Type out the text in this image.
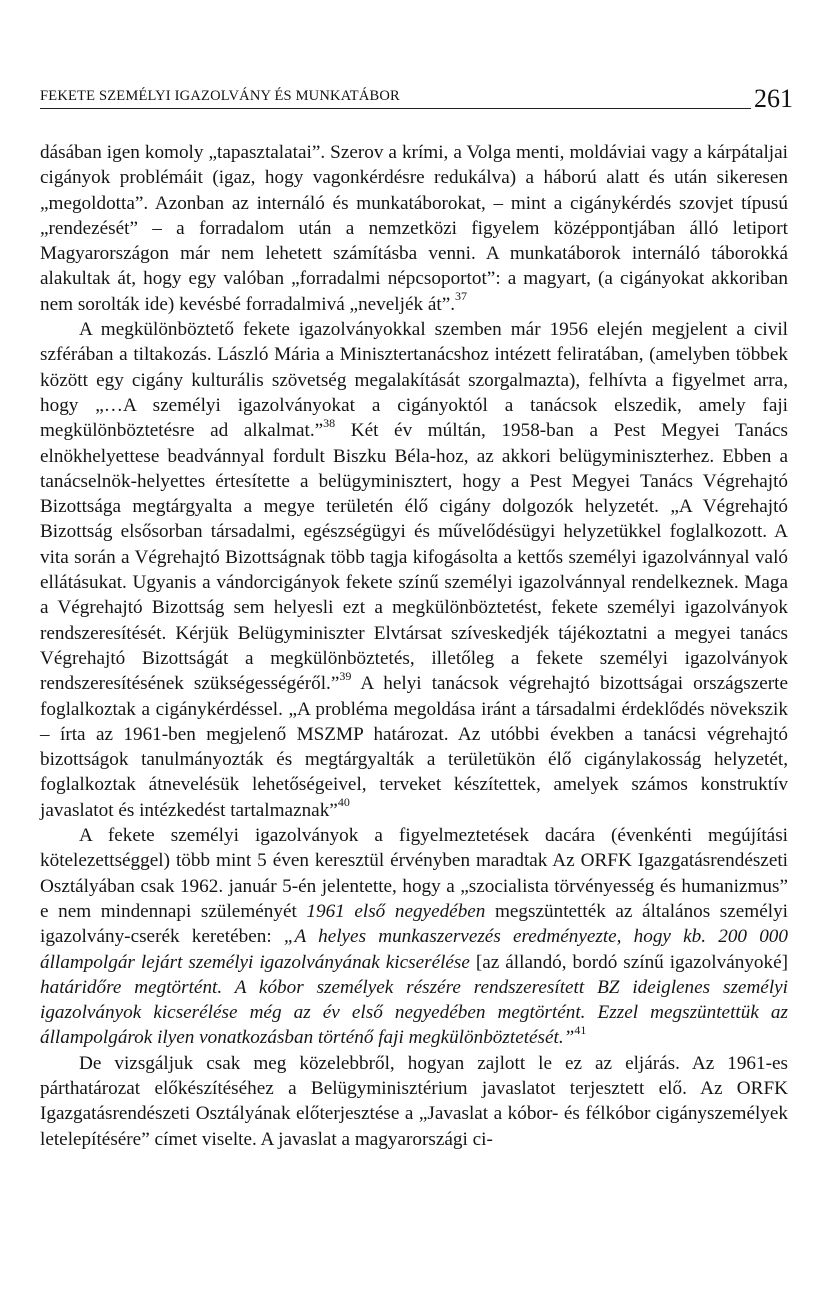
FEKETE SZEMÉLYI IGAZOLVÁNY ÉS MUNKATÁBOR	261

dásában igen komoly „tapasztalatai”. Szerov a krími, a Volga menti, moldáviai vagy a kárpátaljai cigányok problémáit (igaz, hogy vagonkérdésre redukálva) a háború alatt és után sikeresen „megoldotta”. Azonban az internáló és munkatáborokat, – mint a cigánykérdés szovjet típusú „rendezését” – a forradalom után a nemzetközi figyelem középpontjában álló letiport Magyarországon már nem lehetett számításba venni. A munkatáborok internáló táborokká alakultak át, hogy egy valóban „forradalmi népcsoportot”: a magyart, (a cigányokat akkoriban nem sorolták ide) kevésbé forradalmivá „neveljék át”.$^{37}$

A megkülönböztető fekete igazolványokkal szemben már 1956 elején megjelent a civil szférában a tiltakozás. László Mária a Minisztertanácshoz intézett feliratában, (amelyben többek között egy cigány kulturális szövetség megalakítását szorgalmazta), felhívta a figyelmet arra, hogy „…A személyi igazolványokat a cigányoktól a tanácsok elszedik, amely faji megkülönböztetésre ad alkalmat.”$^{38}$ Két év múltán, 1958-ban a Pest Megyei Tanács elnökhelyettese beadvánnyal fordult Biszku Béla-hoz, az akkori belügyminiszterhez. Ebben a tanácselnök-helyettes értesítette a belügyminisztert, hogy a Pest Megyei Tanács Végrehajtó Bizottsága megtárgyalta a megye területén élő cigány dolgozók helyzetét. „A Végrehajtó Bizottság elsősorban társadalmi, egészségügyi és művelődésügyi helyzetükkel foglalkozott. A vita során a Végrehajtó Bizottságnak több tagja kifogásolta a kettős személyi igazolvánnyal való ellátásukat. Ugyanis a vándorcigányok fekete színű személyi igazolvánnyal rendelkeznek. Maga a Végrehajtó Bizottság sem helyesli ezt a megkülönböztetést, fekete személyi igazolványok rendszeresítését. Kérjük Belügyminiszter Elvtársat szíveskedjék tájékoztatni a megyei tanács Végrehajtó Bizottságát a megkülönböztetés, illetőleg a fekete személyi igazolványok rendszeresítésének szükségességéről.”$^{39}$ A helyi tanácsok végrehajtó bizottságai országszerte foglalkoztak a cigánykérdéssel. „A probléma megoldása iránt a társadalmi érdeklődés növekszik – írta az 1961-ben megjelenő MSZMP határozat. Az utóbbi években a tanácsi végrehajtó bizottságok tanulmányozták és megtárgyalták a területükön élő cigánylakosság helyzetét, foglalkoztak átnevelésük lehetőségeivel, terveket készítettek, amelyek számos konstruktív javaslatot és intézkedést tartalmaznak”$^{40}$

A fekete személyi igazolványok a figyelmeztetések dacára (évenkénti megújítási kötelezettséggel) több mint 5 éven keresztül érvényben maradtak Az ORFK Igazgatásrendészeti Osztályában csak 1962. január 5-én jelentette, hogy a „szocialista törvényesség és humanizmus” e nem mindennapi szüleményét 1961 első negyedében megszüntették az általános személyi igazolvány-cserék keretében: „A helyes munkaszervezés eredményezte, hogy kb. 200 000 állampolgár lejárt személyi igazolványának kicserélése [az állandó, bordó színű igazolványoké] határidőre megtörtént. A kóbor személyek részére rendszeresített BZ ideiglenes személyi igazolványok kicserélése még az év első negyedében megtörtént. Ezzel megszüntettük az állampolgárok ilyen vonatkozásban történő faji megkülönböztetését.”$^{41}$

De vizsgáljuk csak meg közelebbről, hogyan zajlott le ez az eljárás. Az 1961-es párthatározat előkészítéséhez a Belügyminisztérium javaslatot terjesztett elő. Az ORFK Igazgatásrendészeti Osztályának előterjesztése a „Javaslat a kóbor- és félkóbor cigányszemélyek letelepítésére” címet viselte. A javaslat a magyarországi ci-
